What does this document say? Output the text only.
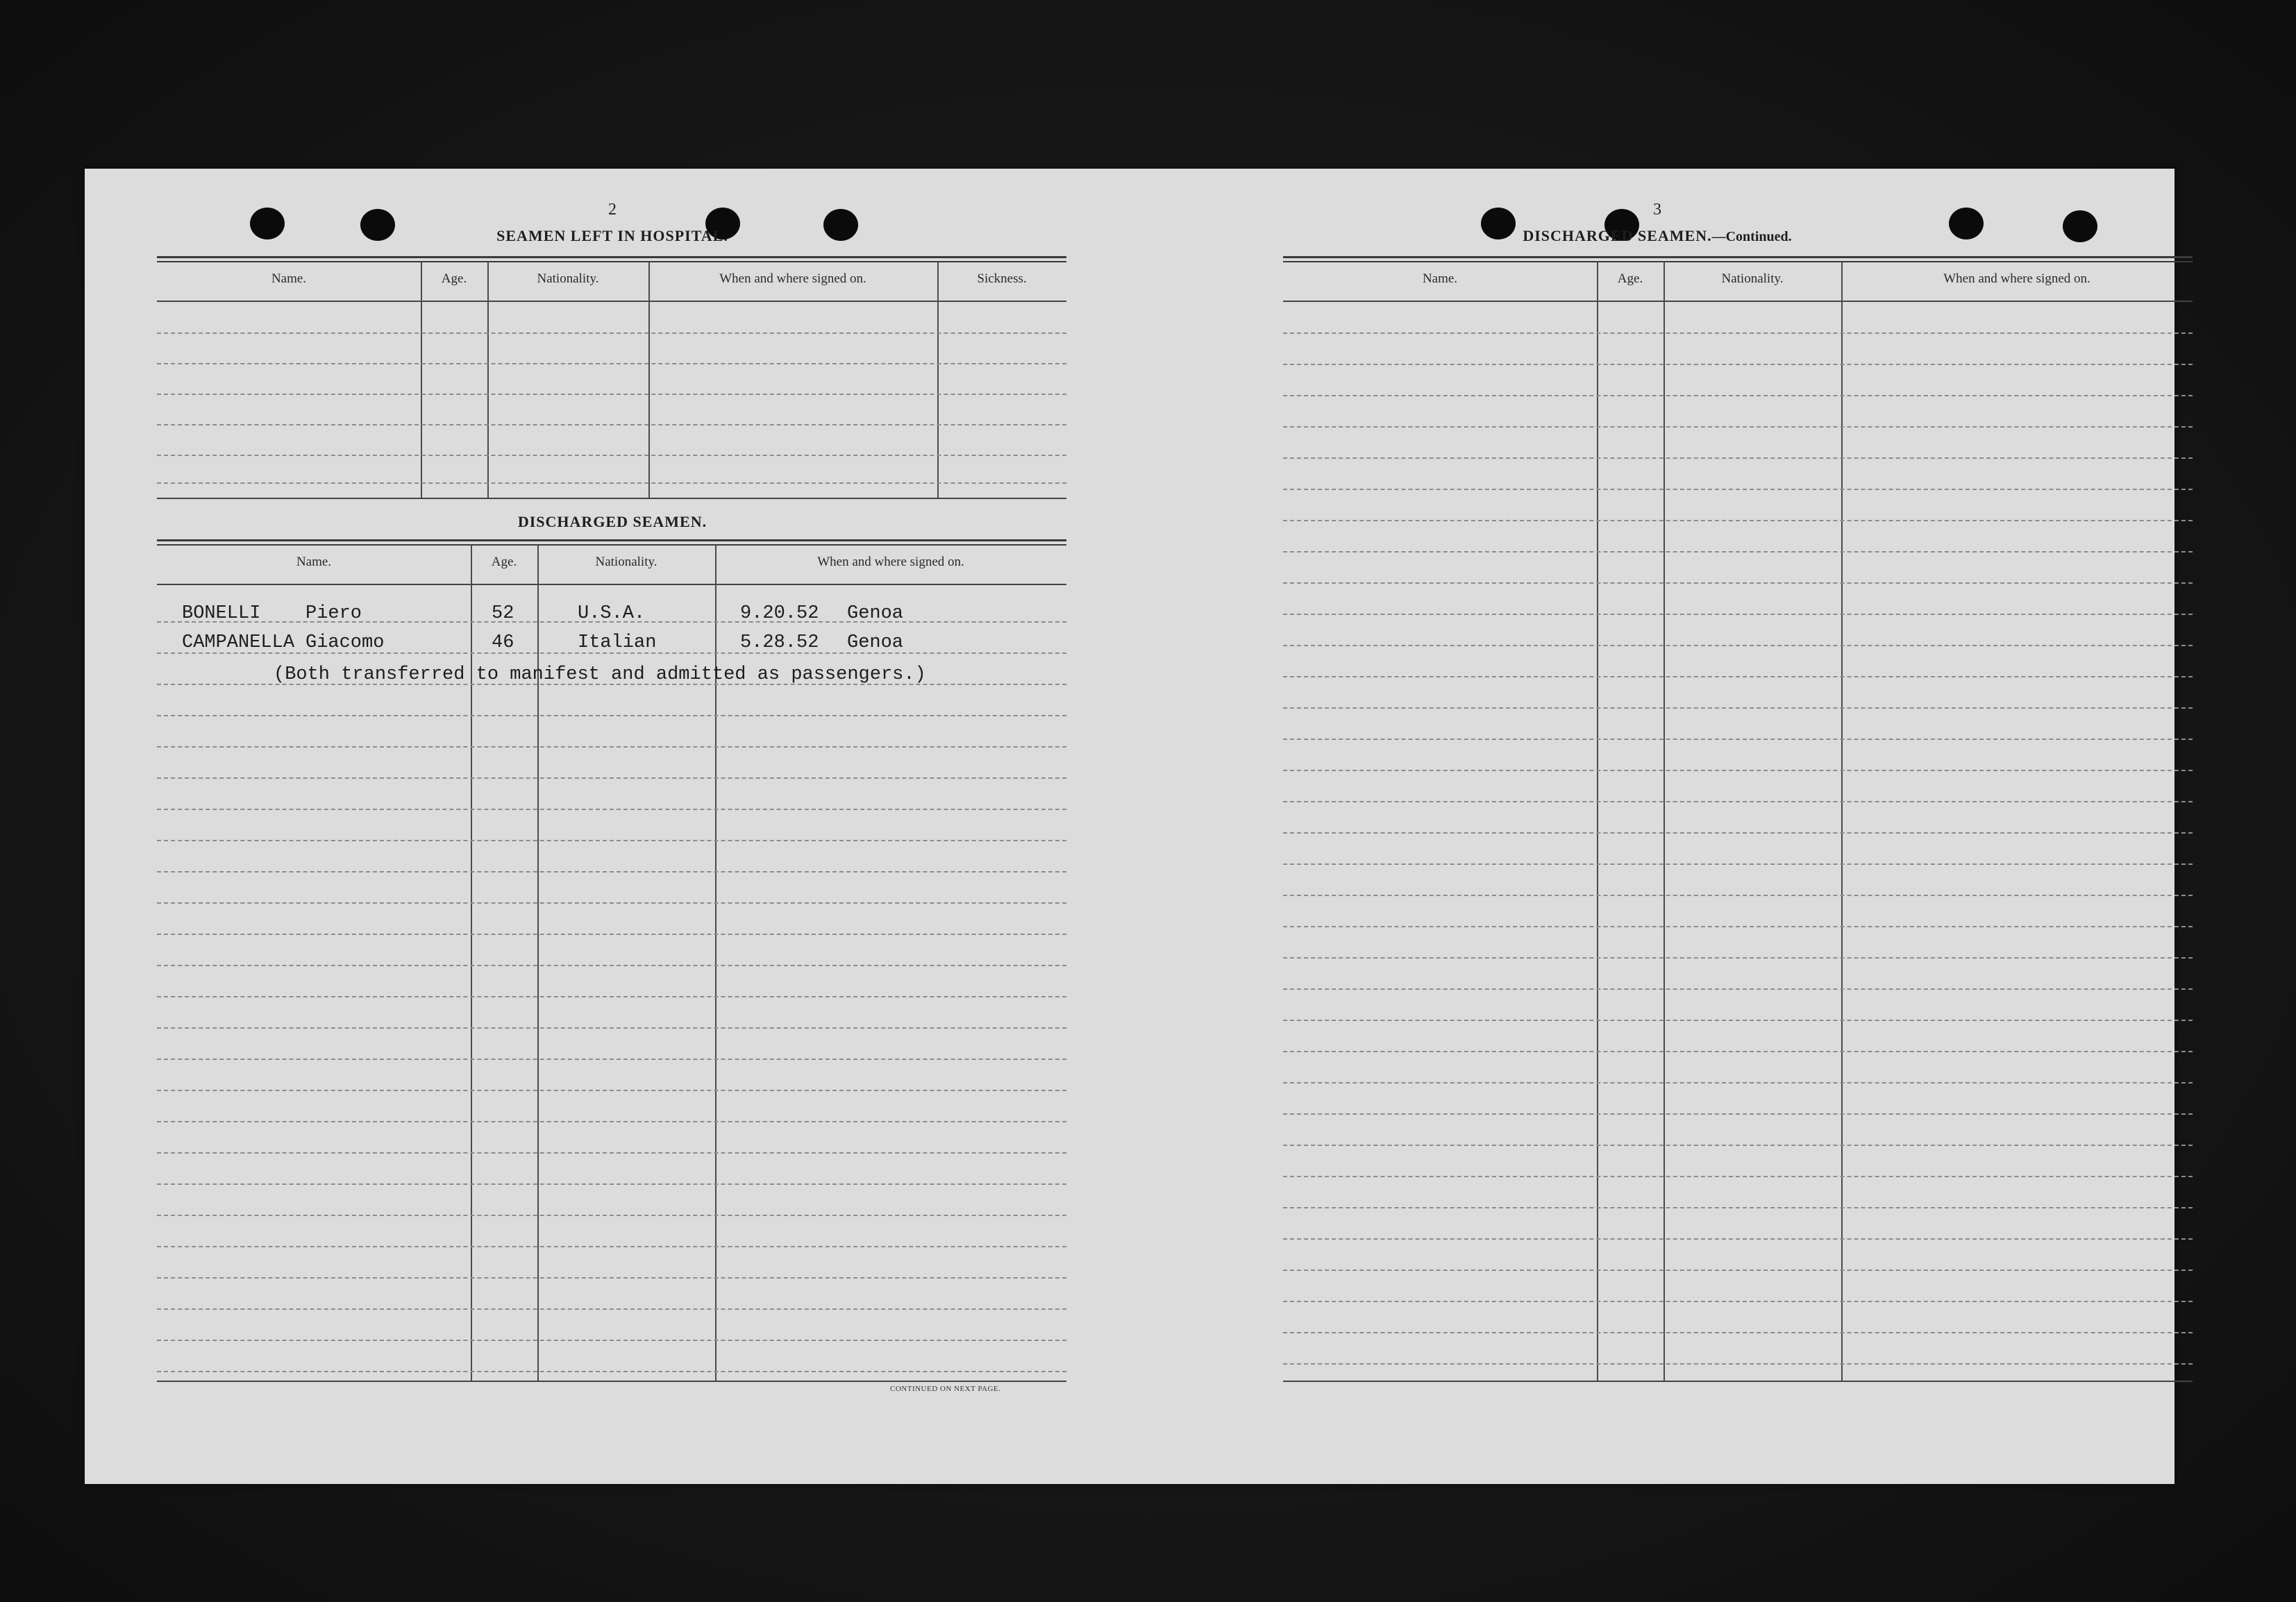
2
SEAMEN LEFT IN HOSPITAL.
Name.	Age.	Nationality.	When and where signed on.	Sickness.
DISCHARGED SEAMEN.
Name.	Age.	Nationality.	When and where signed on.
BONELLI Piero	52	U.S.A.	9.20.52 Genoa
CAMPANELLA Giacomo	46	Italian	5.28.52 Genoa
(Both transferred to manifest and admitted as passengers.)
CONTINUED ON NEXT PAGE.
3
DISCHARGED SEAMEN.—Continued.
Name.	Age.	Nationality.	When and where signed on.
